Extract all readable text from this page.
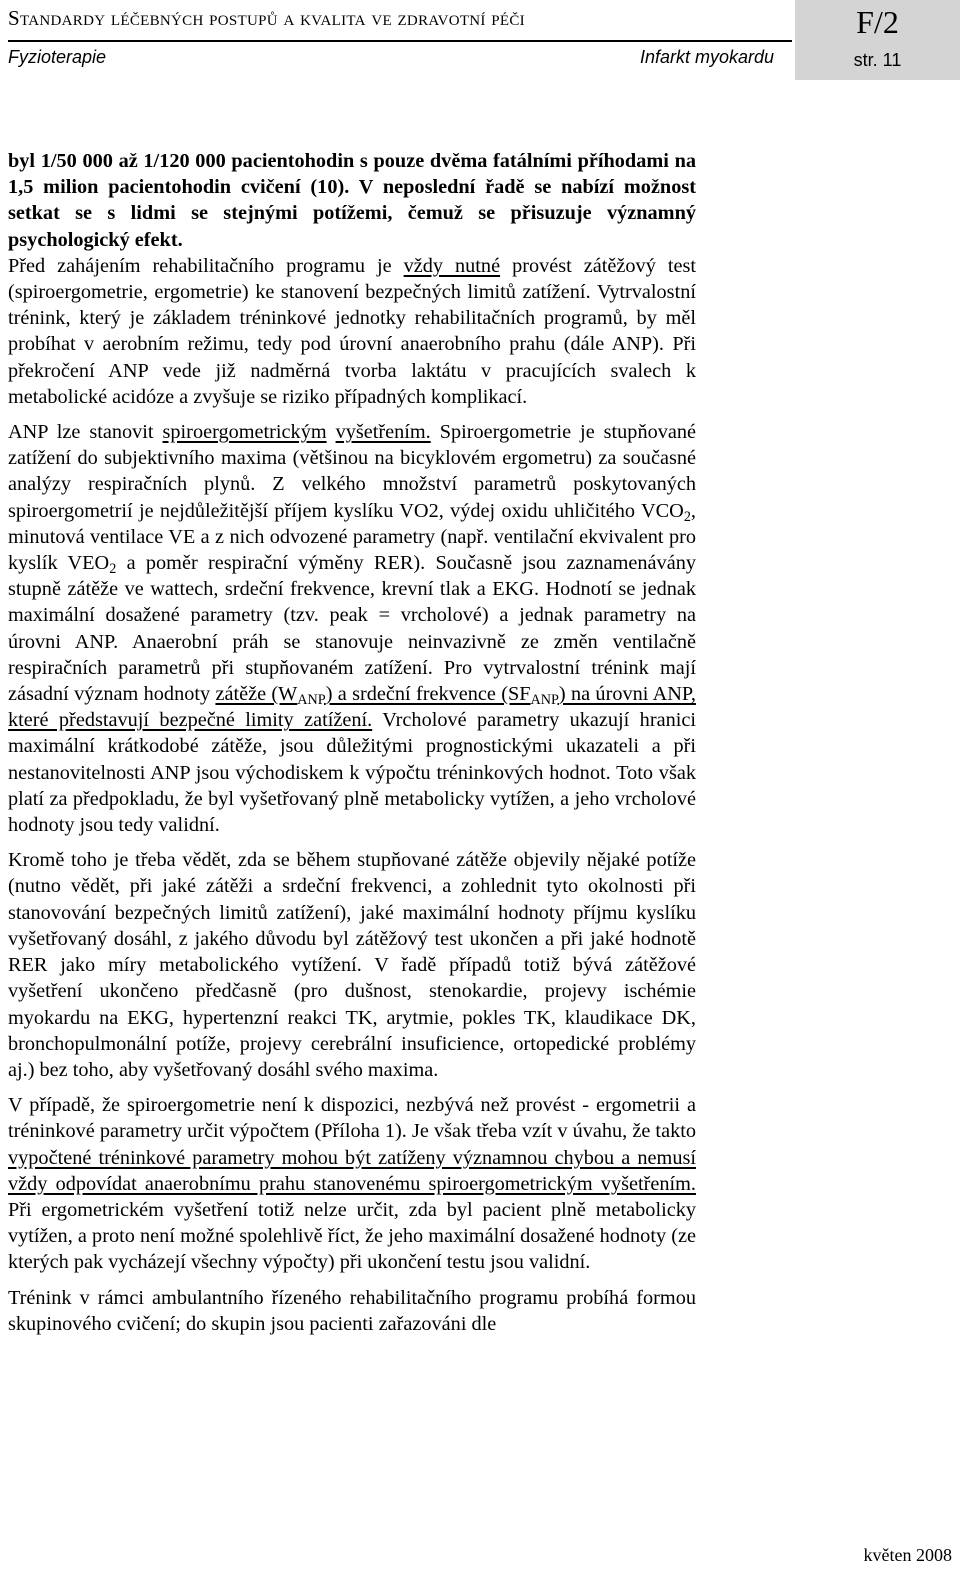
Standardy léčebných postupů a kvalita ve zdravotní péči
Fyzioterapie	Infarkt myokardu
F/2
str. 11

byl 1/50 000 až 1/120 000 pacientohodin s pouze dvěma fatálními příhodami na 1,5 milion pacientohodin cvičení (10). V neposlední řadě se nabízí možnost setkat se s lidmi se stejnými potížemi, čemuž se přisuzuje významný psychologický efekt.

Před zahájením rehabilitačního programu je vždy nutné provést zátěžový test (spiroergometrie, ergometrie) ke stanovení bezpečných limitů zatížení. Vytrvalostní trénink, který je základem tréninkové jednotky rehabilitačních programů, by měl probíhat v aerobním režimu, tedy pod úrovní anaerobního prahu (dále ANP). Při překročení ANP vede již nadměrná tvorba laktátu v pracujících svalech k metabolické acidóze a zvyšuje se riziko případných komplikací.

ANP lze stanovit spiroergometrickým vyšetřením. Spiroergometrie je stupňované zatížení do subjektivního maxima (většinou na bicyklovém ergometru) za současné analýzy respiračních plynů. Z velkého množství parametrů poskytovaných spiroergometrií je nejdůležitější příjem kyslíku VO2, výdej oxidu uhličitého $VCO_2$, minutová ventilace VE a z nich odvozené parametry (např. ventilační ekvivalent pro kyslík $VEO_2$ a poměr respirační výměny RER). Současně jsou zaznamenávány stupně zátěže ve wattech, srdeční frekvence, krevní tlak a EKG. Hodnotí se jednak maximální dosažené parametry (tzv. peak = vrcholové) a jednak parametry na úrovni ANP. Anaerobní práh se stanovuje neinvazivně ze změn ventilačně respiračních parametrů při stupňovaném zatížení. Pro vytrvalostní trénink mají zásadní význam hodnoty zátěže $(W_{ANP})$ a srdeční frekvence $(SF_{ANP})$ na úrovni ANP, které představují bezpečné limity zatížení. Vrcholové parametry ukazují hranici maximální krátkodobé zátěže, jsou důležitými prognostickými ukazateli a při nestanovitelnosti ANP jsou východiskem k výpočtu tréninkových hodnot. Toto však platí za předpokladu, že byl vyšetřovaný plně metabolicky vytížen, a jeho vrcholové hodnoty jsou tedy validní.

Kromě toho je třeba vědět, zda se během stupňované zátěže objevily nějaké potíže (nutno vědět, při jaké zátěži a srdeční frekvenci, a zohlednit tyto okolnosti při stanovování bezpečných limitů zatížení), jaké maximální hodnoty příjmu kyslíku vyšetřovaný dosáhl, z jakého důvodu byl zátěžový test ukončen a při jaké hodnotě RER jako míry metabolického vytížení. V řadě případů totiž bývá zátěžové vyšetření ukončeno předčasně (pro dušnost, stenokardie, projevy ischémie myokardu na EKG, hypertenzní reakci TK, arytmie, pokles TK, klaudikace DK, bronchopulmonální potíže, projevy cerebrální insuficience, ortopedické problémy aj.) bez toho, aby vyšetřovaný dosáhl svého maxima.

V případě, že spiroergometrie není k dispozici, nezbývá než provést - ergometrii a tréninkové parametry určit výpočtem (Příloha 1). Je však třeba vzít v úvahu, že takto vypočtené tréninkové parametry mohou být zatíženy významnou chybou a nemusí vždy odpovídat anaerobnímu prahu stanovenému spiroergometrickým vyšetřením. Při ergometrickém vyšetření totiž nelze určit, zda byl pacient plně metabolicky vytížen, a proto není možné spolehlivě říct, že jeho maximální dosažené hodnoty (ze kterých pak vycházejí všechny výpočty) při ukončení testu jsou validní.

Trénink v rámci ambulantního řízeného rehabilitačního programu probíhá formou skupinového cvičení; do skupin jsou pacienti zařazováni dle

květen 2008
